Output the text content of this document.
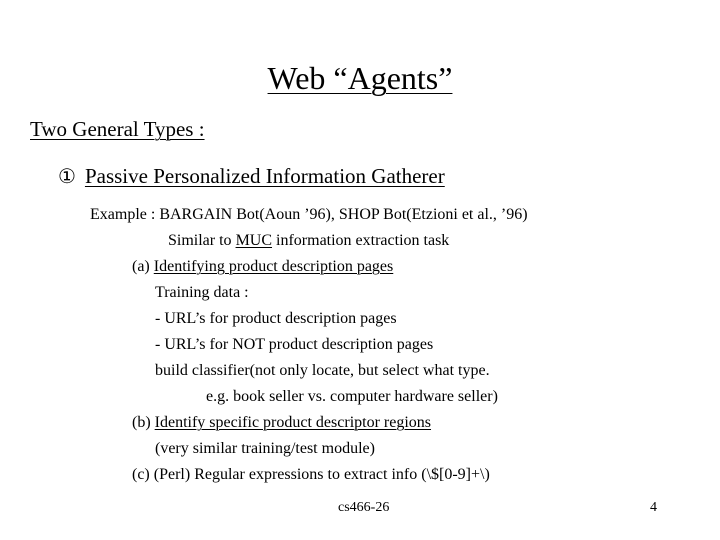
Web “Agents”
Two General Types :
① Passive Personalized Information Gatherer
Example : BARGAIN Bot(Aoun ’96), SHOP Bot(Etzioni et al., ’96)
Similar to MUC information extraction task
(a) Identifying product description pages
Training data :
- URL’s for product description pages
- URL’s for NOT product description pages
build classifier(not only locate, but select what type.
e.g. book seller vs. computer hardware seller)
(b) Identify specific product descriptor regions
(very similar training/test module)
(c) (Perl) Regular expressions to extract info (\$[0-9]+\)
cs466-26	4
